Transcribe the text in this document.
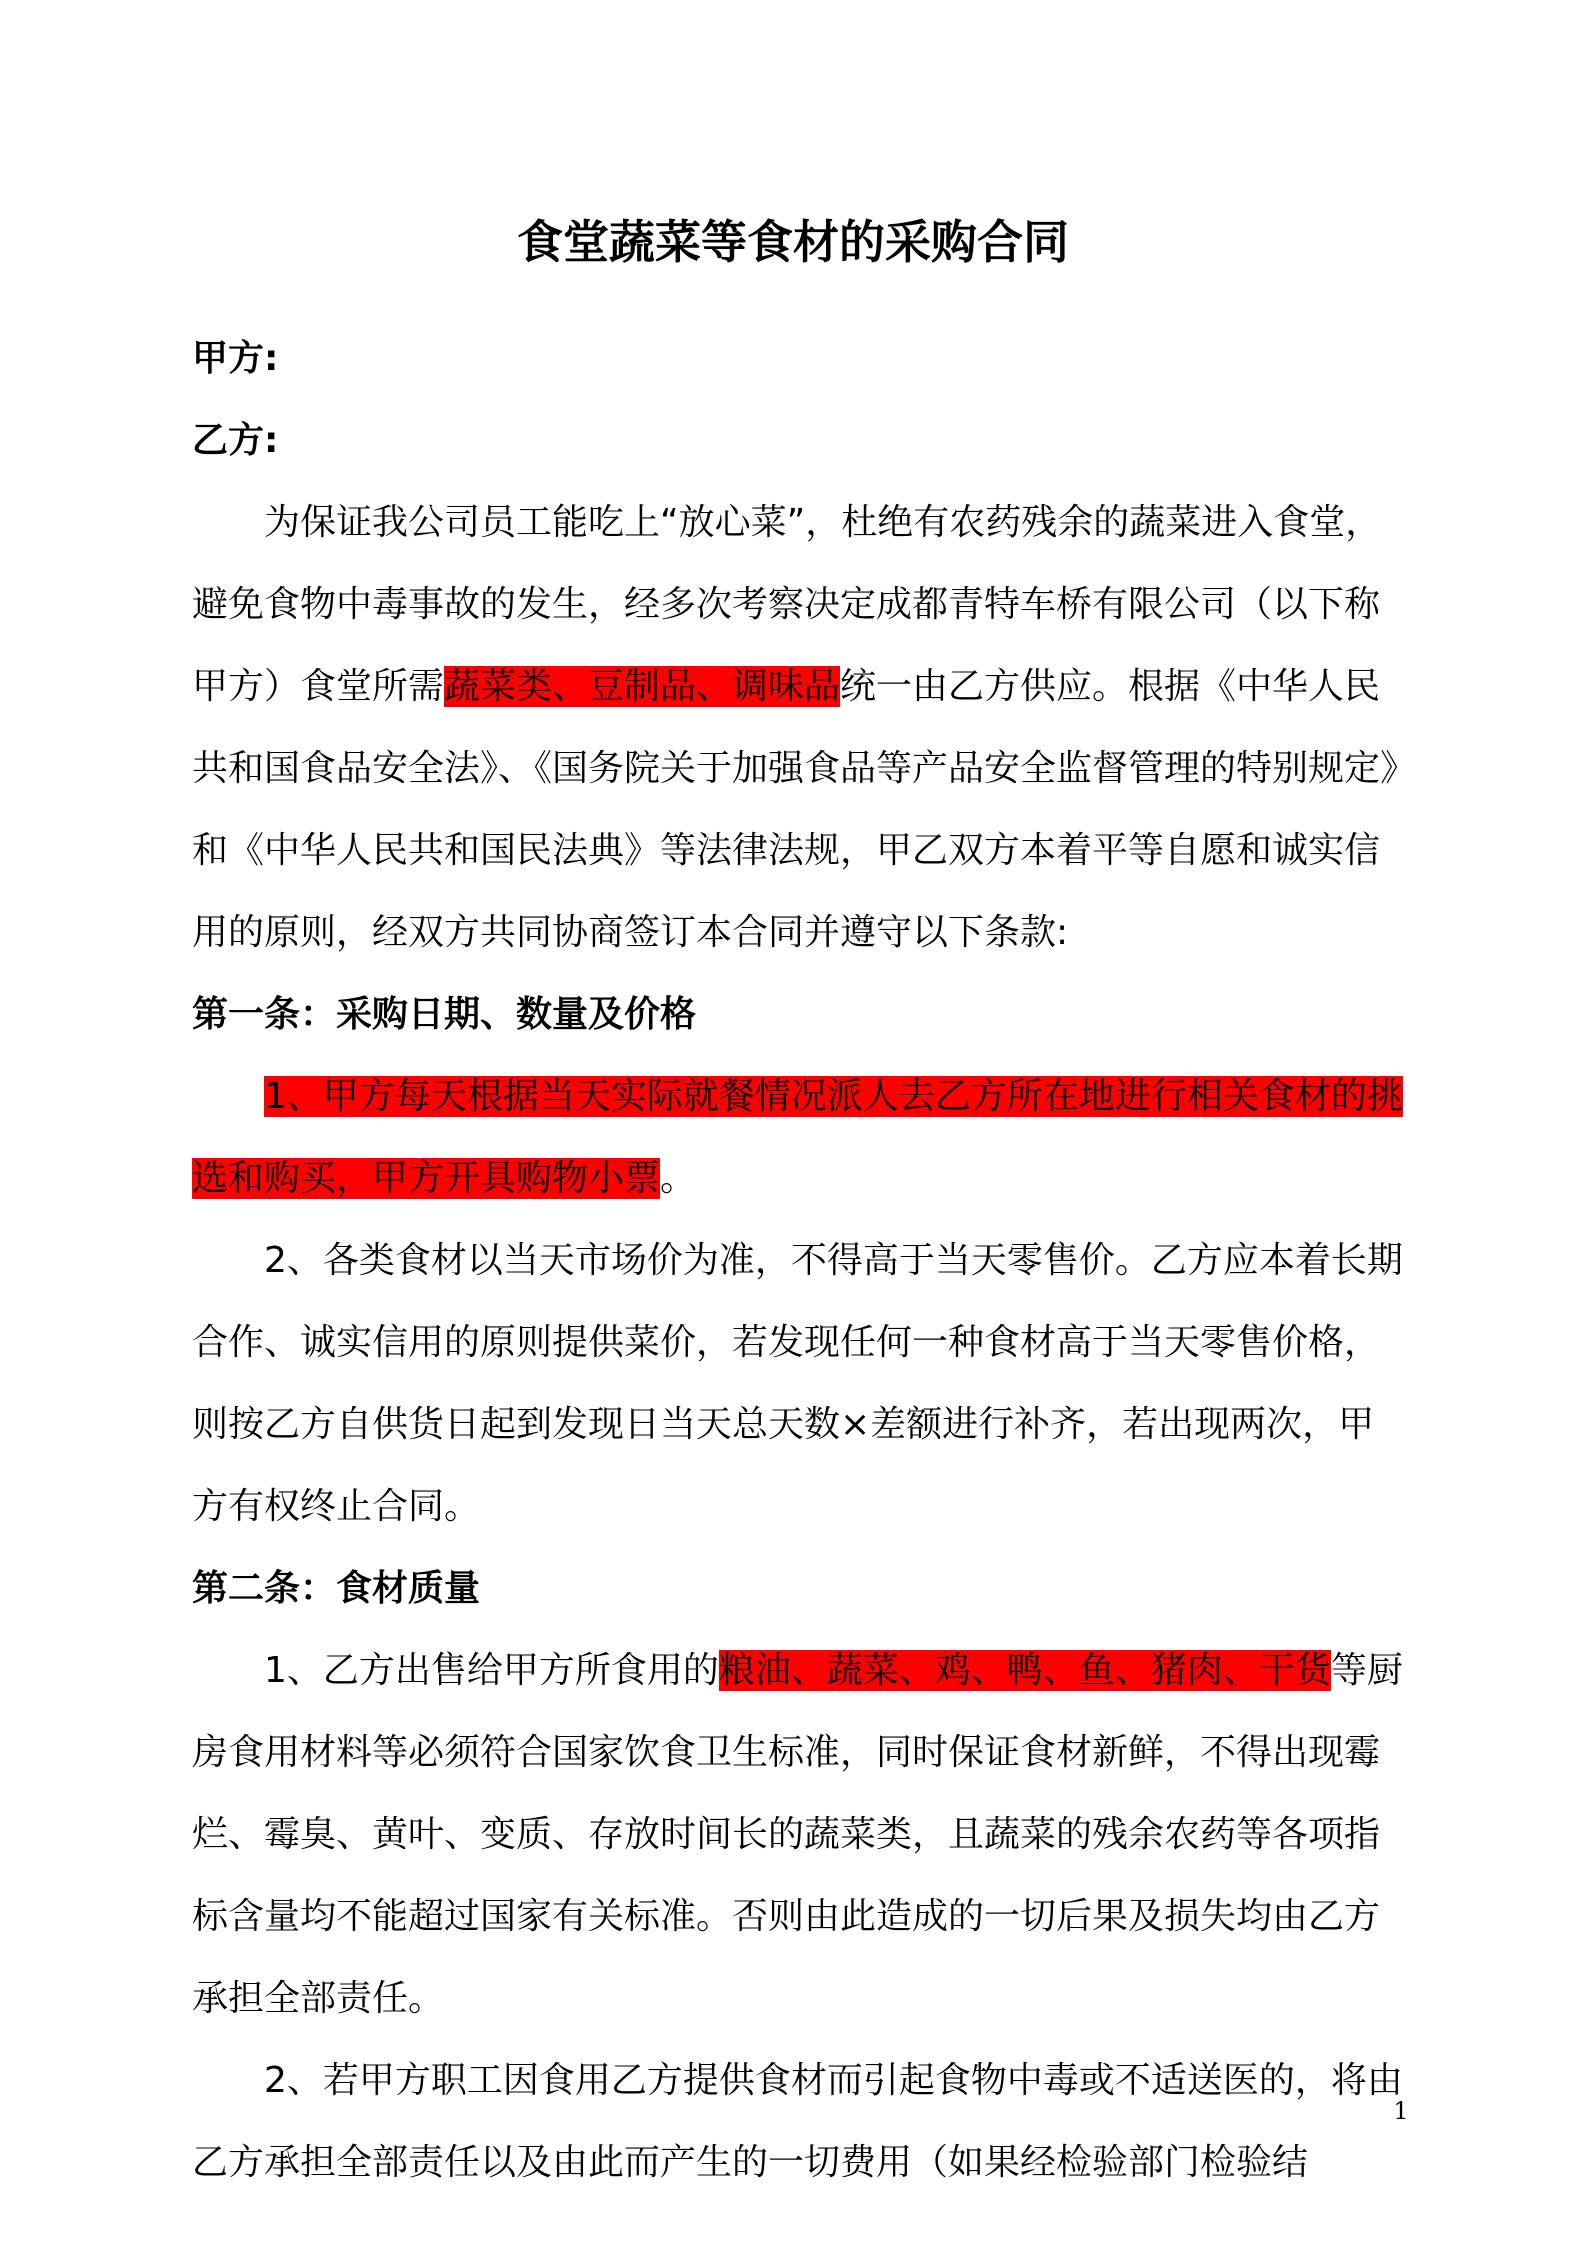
食堂蔬菜等食材的采购合同

甲方:

乙方:

为保证我公司员工能吃上“放心菜”，杜绝有农药残余的蔬菜进入食堂，避免食物中毒事故的发生，经多次考察决定成都青特车桥有限公司（以下称甲方）食堂所需蔬菜类、豆制品、调味品统一由乙方供应。根据《中华人民共和国食品安全法》、《国务院关于加强食品等产品安全监督管理的特别规定》和《中华人民共和国民法典》等法律法规，甲乙双方本着平等自愿和诚实信用的原则，经双方共同协商签订本合同并遵守以下条款:

第一条：采购日期、数量及价格

1、甲方每天根据当天实际就餐情况派人去乙方所在地进行相关食材的挑选和购买，甲方开具购物小票。

2、各类食材以当天市场价为准，不得高于当天零售价。乙方应本着长期合作、诚实信用的原则提供菜价，若发现任何一种食材高于当天零售价格，则按乙方自供货日起到发现日当天总天数×差额进行补齐，若出现两次，甲方有权终止合同。

第二条：食材质量

1、乙方出售给甲方所食用的粮油、蔬菜、鸡、鸭、鱼、猪肉、干货等厨房食用材料等必须符合国家饮食卫生标准，同时保证食材新鲜，不得出现霉烂、霉臭、黄叶、变质、存放时间长的蔬菜类，且蔬菜的残余农药等各项指标含量均不能超过国家有关标准。否则由此造成的一切后果及损失均由乙方承担全部责任。

2、若甲方职工因食用乙方提供食材而引起食物中毒或不适送医的，将由乙方承担全部责任以及由此而产生的一切费用（如果经检验部门检验结

1
